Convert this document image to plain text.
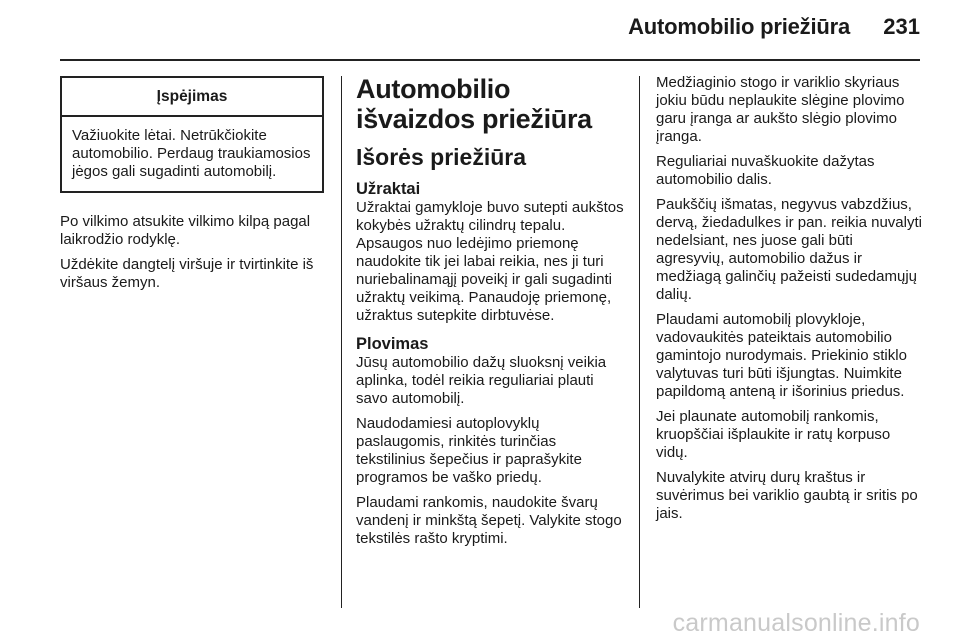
Automobilio priežiūra 231
Įspėjimas
Važiuokite lėtai. Netrūkčiokite automobilio. Perdaug traukiamosios jėgos gali sugadinti automobilį.

Po vilkimo atsukite vilkimo kilpą pagal laikrodžio rodyklę.

Uždėkite dangtelį viršuje ir tvirtinkite iš viršaus žemyn.

Automobilio išvaizdos priežiūra
Išorės priežiūra
Užraktai

Užraktai gamykloje buvo sutepti aukštos kokybės užraktų cilindrų tepalu. Apsaugos nuo ledėjimo priemonę naudokite tik jei labai reikia, nes ji turi nuriebalinamąjį poveikį ir gali sugadinti užraktų veikimą. Panaudoję priemonę, užraktus sutepkite dirbtuvėse.

Plovimas

Jūsų automobilio dažų sluoksnį veikia aplinka, todėl reikia reguliariai plauti savo automobilį.

Naudodamiesi autoplovyklų paslaugomis, rinkitės turinčias tekstilinius šepečius ir paprašykite programos be vaško priedų.

Plaudami rankomis, naudokite švarų vandenį ir minkštą šepetį. Valykite stogo tekstilės rašto kryptimi.

Medžiaginio stogo ir variklio skyriaus jokiu būdu neplaukite slėgine plovimo garu įranga ar aukšto slėgio plovimo įranga.

Reguliariai nuvaškuokite dažytas automobilio dalis.

Paukščių išmatas, negyvus vabzdžius, dervą, žiedadulkes ir pan. reikia nuvalyti nedelsiant, nes juose gali būti agresyvių, automobilio dažus ir medžiagą galinčių pažeisti sudedamųjų dalių.

Plaudami automobilį plovykloje, vadovaukitės pateiktais automobilio gamintojo nurodymais. Priekinio stiklo valytuvas turi būti išjungtas. Nuimkite papildomą anteną ir išorinius priedus.

Jei plaunate automobilį rankomis, kruopščiai išplaukite ir ratų korpuso vidų.

Nuvalykite atvirų durų kraštus ir suvėrimus bei variklio gaubtą ir sritis po jais.

carmanualsonline.info
